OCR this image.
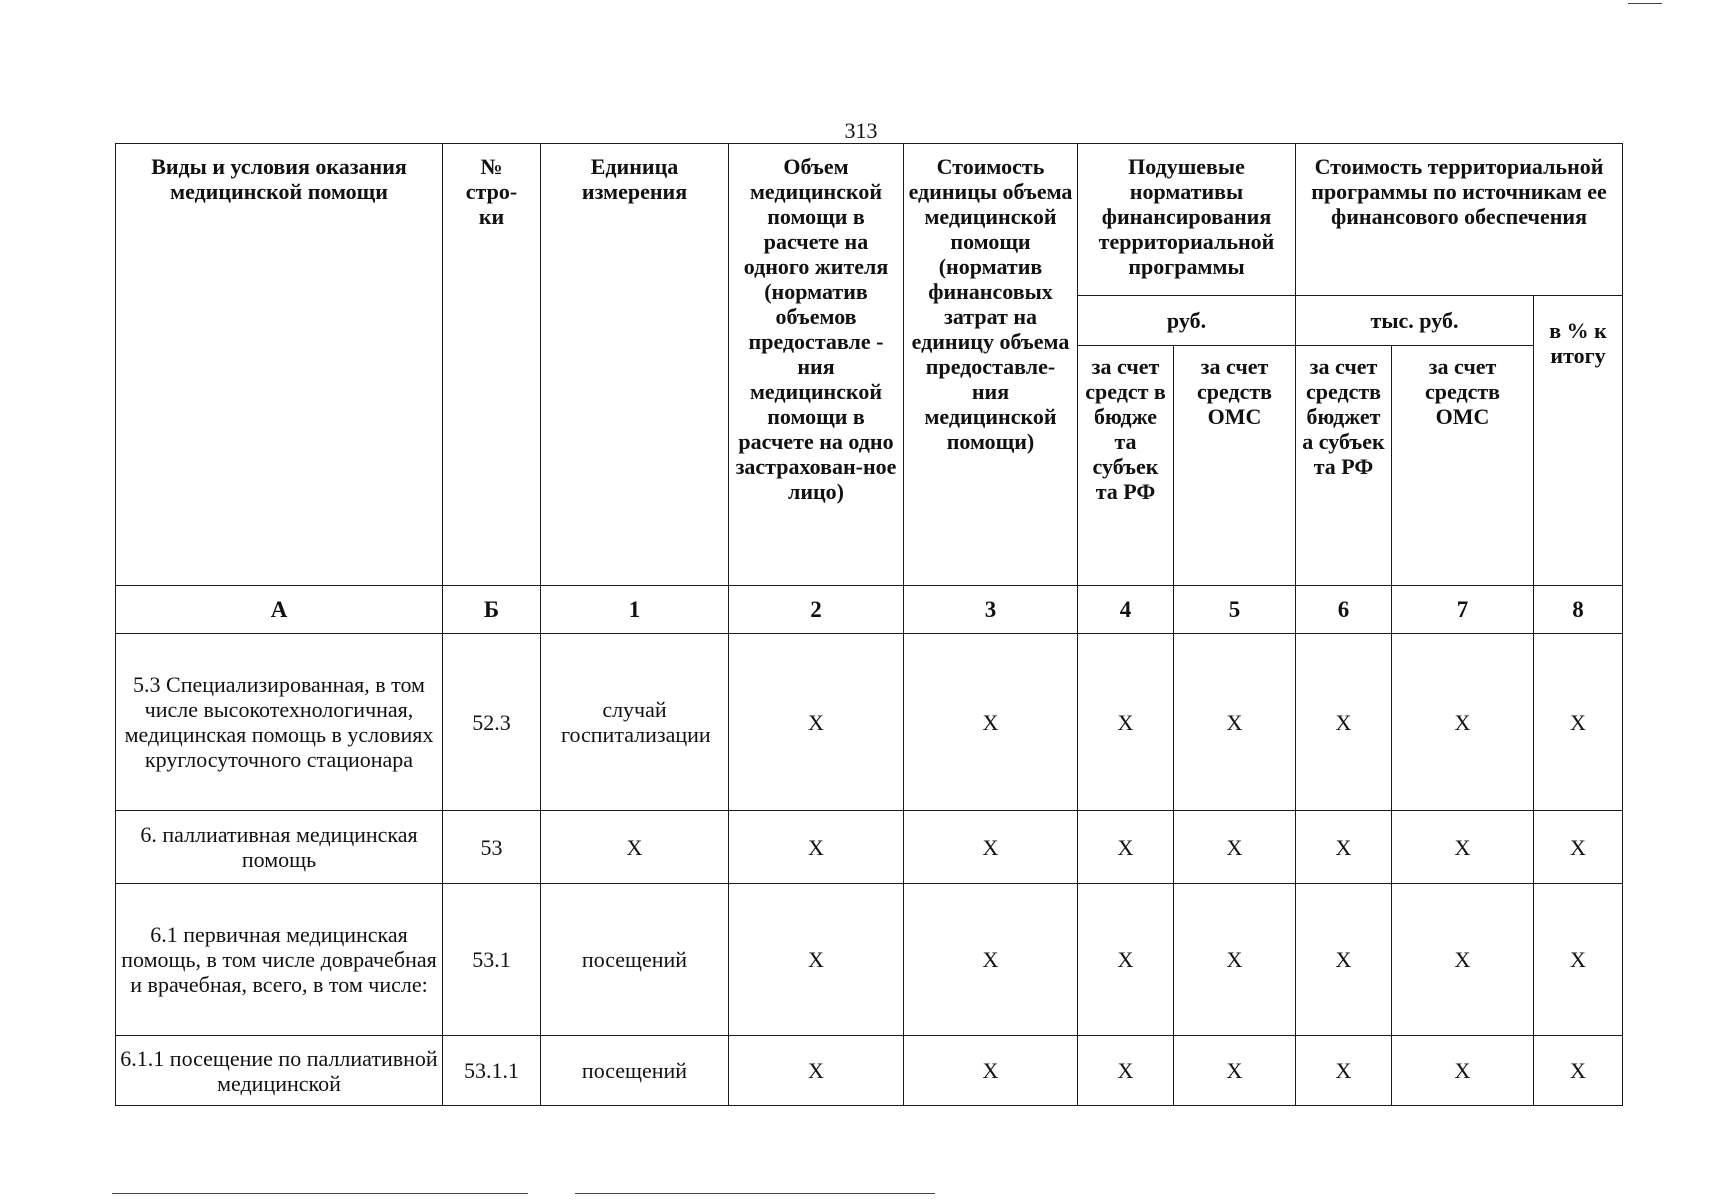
313
Виды и условия оказания медицинской помощи	№ стро-ки	Единица измерения	Объем медицинской помощи в расчете на одного жителя (норматив объемов предоставле - ния медицинской помощи в расчете на одно застрахован-ное лицо)	Стоимость единицы объема медицинской помощи (норматив финансовых затрат на единицу объема предоставле-ния медицинской помощи)	Подушевые нормативы финансирования территориальной программы		Стоимость территориальной программы по источникам ее финансового обеспечения		
					руб.		тыс. руб.		в % к итогу
					за счет средст в бюдже та субъек та РФ	за счет средств ОМС	за счет средств бюджет а субъек та РФ	за счет средств ОМС	
А	Б	1	2	3	4	5	6	7	8
5.3 Специализированная, в том числе высокотехнологичная, медицинская помощь в условиях круглосуточного стационара	52.3	случай госпитализации	Х	Х	Х	Х	Х	Х	Х
6. паллиативная медицинская помощь	53	Х	Х	Х	Х	Х	Х	Х	Х
6.1 первичная медицинская помощь, в том числе доврачебная и врачебная, всего, в том числе:	53.1	посещений	Х	Х	Х	Х	Х	Х	Х
6.1.1 посещение по паллиативной медицинской	53.1.1	посещений	Х	Х	Х	Х	Х	Х	Х
